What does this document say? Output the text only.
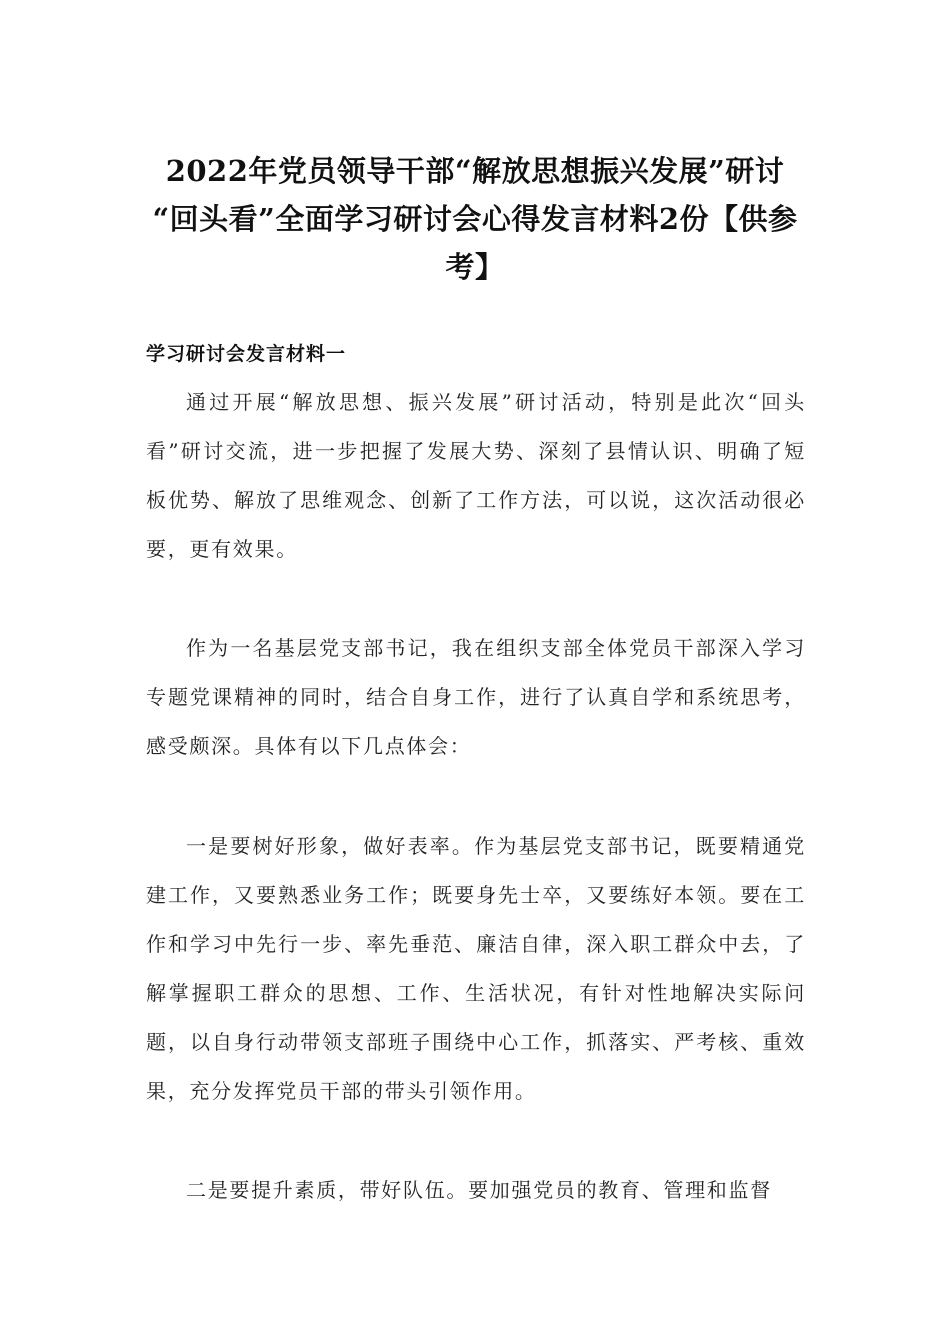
2022年党员领导干部“解放思想振兴发展”研讨
“回头看”全面学习研讨会心得发言材料2份【供参
考】
学习研讨会发言材料一

通过开展“解放思想、振兴发展”研讨活动，特别是此次“回头看”研讨交流，进一步把握了发展大势、深刻了县情认识、明确了短板优势、解放了思维观念、创新了工作方法，可以说，这次活动很必要，更有效果。

作为一名基层党支部书记，我在组织支部全体党员干部深入学习专题党课精神的同时，结合自身工作，进行了认真自学和系统思考，感受颇深。具体有以下几点体会：

一是要树好形象，做好表率。作为基层党支部书记，既要精通党建工作，又要熟悉业务工作；既要身先士卒，又要练好本领。要在工作和学习中先行一步、率先垂范、廉洁自律，深入职工群众中去，了解掌握职工群众的思想、工作、生活状况，有针对性地解决实际问题，以自身行动带领支部班子围绕中心工作，抓落实、严考核、重效果，充分发挥党员干部的带头引领作用。

二是要提升素质，带好队伍。要加强党员的教育、管理和监督
